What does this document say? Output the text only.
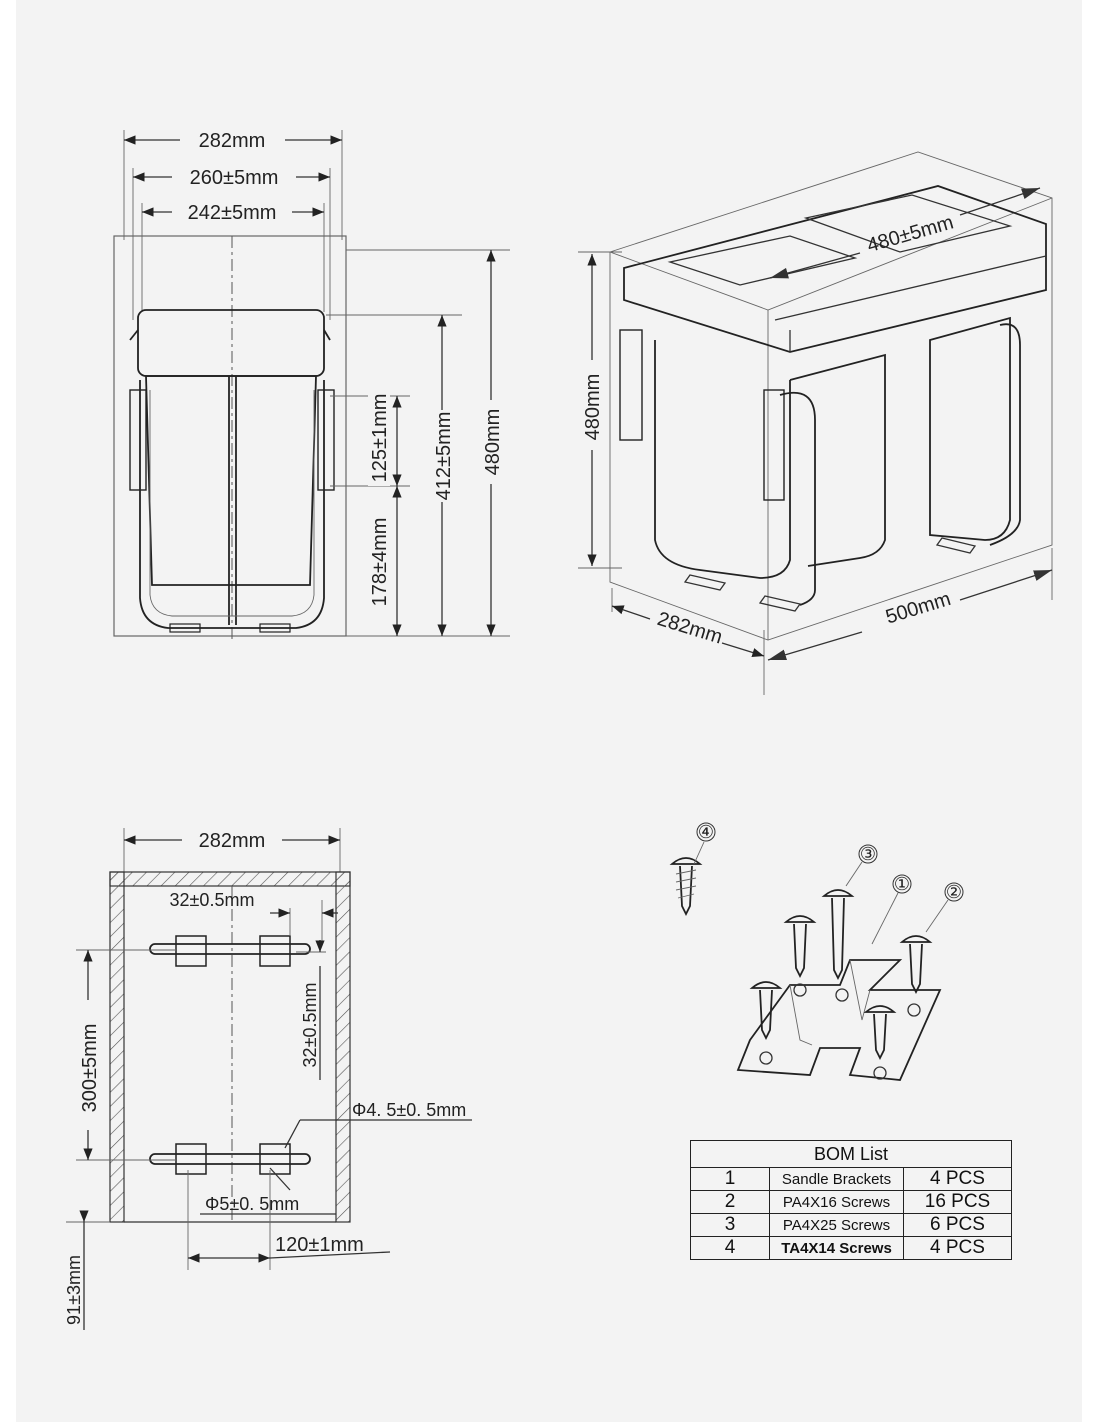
282mm
260±5mm
242±5mm
125±1mm
178±4mm
412±5mm 480mm
480mm
480±5mm
500mm
282mm
282mm
32±0.5mm
32±0.5mm
300±5mm	Φ4. 5±0. 5mm
Φ5±0. 5mm
120±1mm
91±3mm
④
③
① ②
BOM List		
1	Sandle Brackets	4 PCS
2	PA4X16 Screws	16 PCS
3	PA4X25 Screws	6 PCS
4	TA4X14 Screws	4 PCS
